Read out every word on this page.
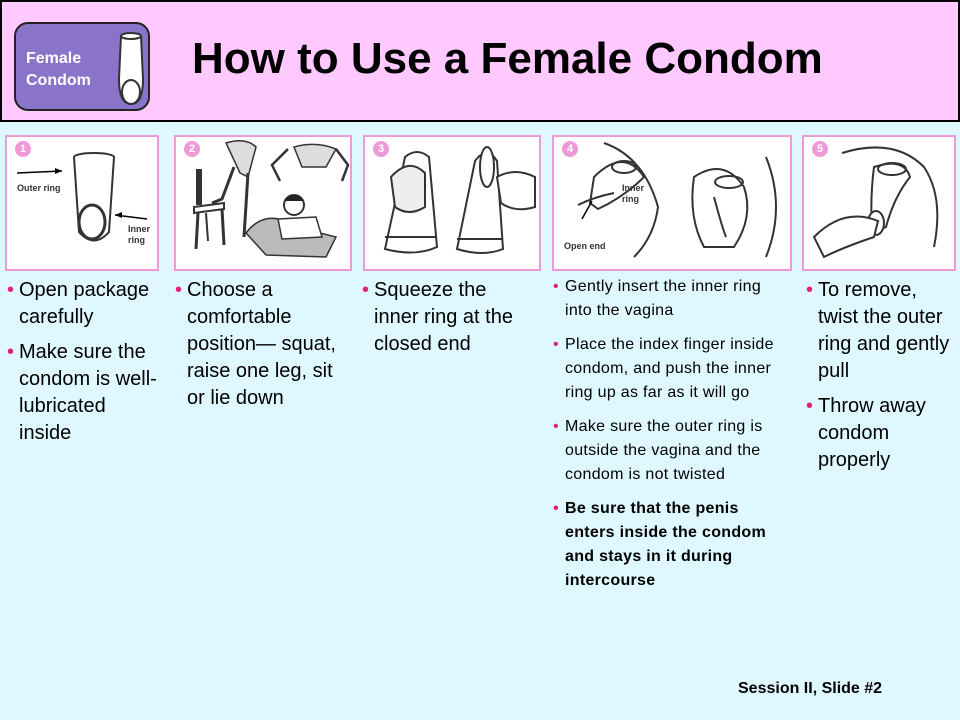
Female
Condom How to Use a Female Condom
1
Outer ring
Inner
ring
2	3	4
Inner
ring
Open end
5
• Open package carefully
• Make sure the condom is well-lubricated inside
• Choose a comfortable position— squat, raise one leg, sit or lie down
• Squeeze the inner ring at the closed end
• Gently insert the inner ring into the vagina
• Place the index finger inside condom, and push the inner ring up as far as it will go
• Make sure the outer ring is outside the vagina and the condom is not twisted
• Be sure that the penis enters inside the condom and stays in it during intercourse
• To remove, twist the outer ring and gently pull
• Throw away condom properly
Session II, Slide #2
